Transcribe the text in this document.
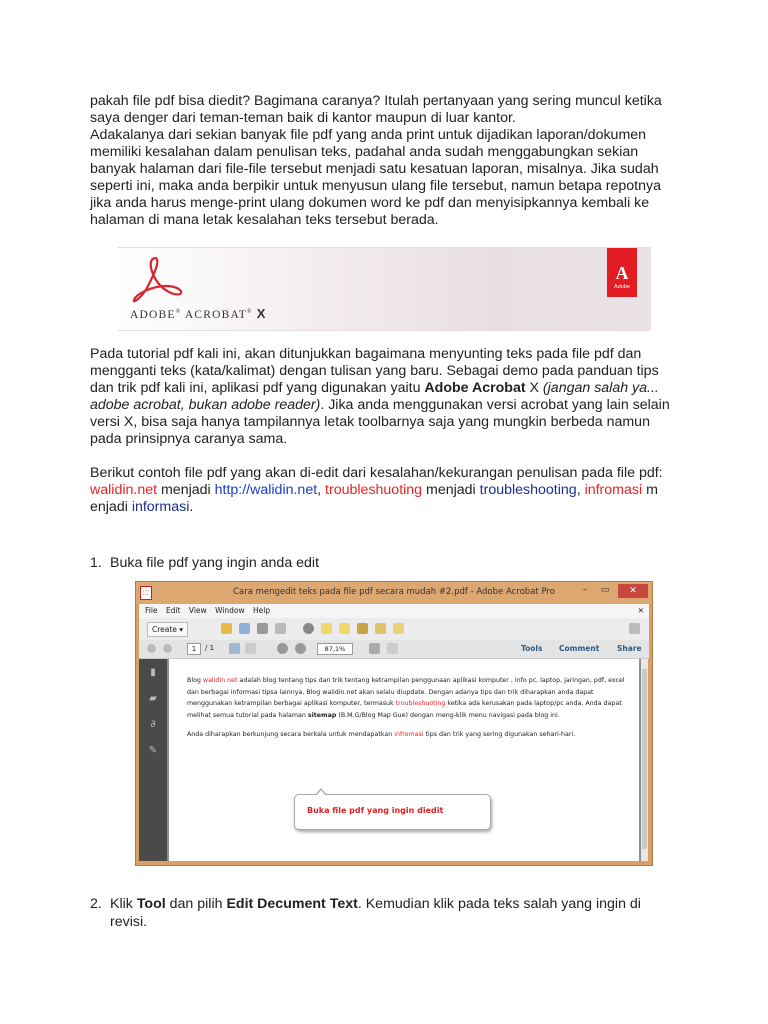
pakah file pdf bisa diedit? Bagimana caranya? Itulah pertanyaan yang sering muncul ketika saya denger dari teman-teman baik di kantor maupun di luar kantor.

Adakalanya dari sekian banyak file pdf yang anda print untuk dijadikan laporan/dokumen memiliki kesalahan dalam penulisan teks, padahal anda sudah menggabungkan sekian banyak halaman dari file-file tersebut menjadi satu kesatuan laporan, misalnya. Jika sudah seperti ini, maka anda berpikir untuk menyusun ulang file tersebut, namun betapa repotnya jika anda harus menge-print ulang dokumen word ke pdf dan menyisipkannya kembali ke halaman di mana letak kesalahan teks tersebut berada.

ADOBE® ACROBAT® X
A
Adobe

Pada tutorial pdf kali ini, akan ditunjukkan bagaimana menyunting teks pada file pdf dan mengganti teks (kata/kalimat) dengan tulisan yang baru. Sebagai demo pada panduan tips dan trik pdf kali ini, aplikasi pdf yang digunakan yaitu Adobe Acrobat X (jangan salah ya... adobe acrobat, bukan adobe reader). Jika anda menggunakan versi acrobat yang lain selain versi X, bisa saja hanya tampilannya letak toolbarnya saja yang mungkin berbeda namun pada prinsipnya caranya sama.

Berikut contoh file pdf yang akan di-edit dari kesalahan/kekurangan penulisan pada file pdf: walidin.net menjadi http://walidin.net, troubleshuoting menjadi troubleshooting, infromasi m enjadi informasi.

1. Buka file pdf yang ingin anda edit
⬚	Cara mengedit teks pada file pdf secara mudah #2.pdf - Adobe Acrobat Pro	–	▭	✕
File Edit View Window Help	✕
Create ▾
1	/ 1	87,1%	Tools Comment Share
▮
▰
∂
✎

Blog walidin.net adalah blog tentang tips dan trik tentang ketrampilan penggunaan aplikasi komputer , info pc, laptop, jaringan, pdf, excel dan berbagai informasi tipsa lainnya. Blog walidin.net akan selalu diupdate. Dengan adanya tips dan trik diharapkan anda dapat menggunakan ketrampilan berbagai aplikasi komputer, termasuk troubleshuoting ketika ada kerusakan pada laptop/pc anda. Anda dapat melihat semua tutorial pada halaman sitemap (B.M.G/Blog Map Gue) dengan meng-klik menu navigasi pada blog ini.

Anda diharapkan berkunjung secara berkala untuk mendapatkan infromasi tips dan trik yang sering digunakan sehari-hari.

Buka file pdf yang ingin diedit
2. Klik Tool dan pilih Edit Decument Text. Kemudian klik pada teks salah yang ingin di revisi.
